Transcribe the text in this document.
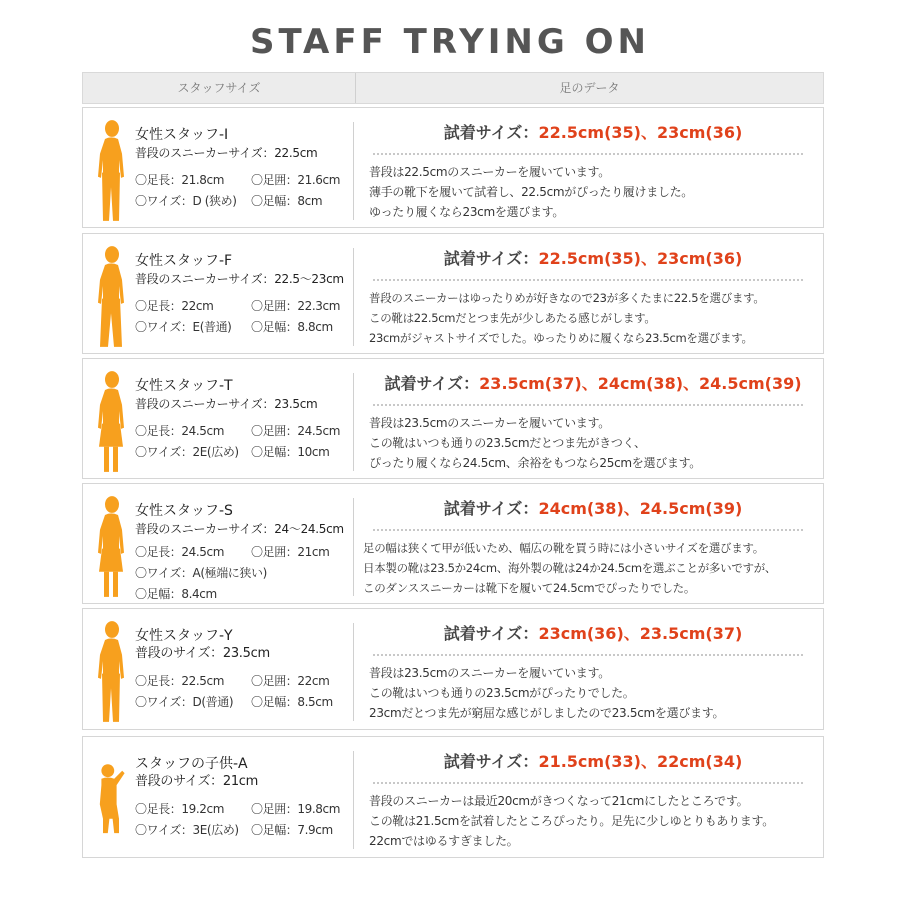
STAFF TRYING ON
スタッフサイズ	足のデータ
女性スタッフ-I
普段のスニーカーサイズ：22.5cm
〇足長：21.8cm 〇足囲：21.6cm
〇ワイズ：D (狭め) 〇足幅：8cm
試着サイズ：22.5cm(35)、23cm(36)
普段は22.5cmのスニーカーを履いています。
薄手の靴下を履いて試着し、22.5cmがぴったり履けました。
ゆったり履くなら23cmを選びます。
女性スタッフ-F
普段のスニーカーサイズ：22.5～23cm
〇足長：22cm	〇足囲：22.3cm
〇ワイズ：E(普通) 〇足幅：8.8cm
試着サイズ：22.5cm(35)、23cm(36)
普段のスニーカーはゆったりめが好きなので23が多くたまに22.5を選びます。
この靴は22.5cmだとつま先が少しあたる感じがします。
23cmがジャストサイズでした。ゆったりめに履くなら23.5cmを選びます。
女性スタッフ-T
普段のスニーカーサイズ：23.5cm
〇足長：24.5cm 〇足囲：24.5cm
〇ワイズ：2E(広め) 〇足幅：10cm
試着サイズ：23.5cm(37)、24cm(38)、24.5cm(39)
普段は23.5cmのスニーカーを履いています。
この靴はいつも通りの23.5cmだとつま先がきつく、
ぴったり履くなら24.5cm、余裕をもつなら25cmを選びます。
女性スタッフ-S
普段のスニーカーサイズ：24～24.5cm
〇足長：24.5cm 〇足囲：21cm
〇ワイズ：A(極端に狭い)
〇足幅：8.4cm
試着サイズ：24cm(38)、24.5cm(39)
足の幅は狭くて甲が低いため、幅広の靴を買う時には小さいサイズを選びます。
日本製の靴は23.5か24cm、海外製の靴は24か24.5cmを選ぶことが多いですが、
このダンススニーカーは靴下を履いて24.5cmでぴったりでした。
女性スタッフ-Y
普段のサイズ：23.5cm
〇足長：22.5cm 〇足囲：22cm
〇ワイズ：D(普通) 〇足幅：8.5cm
試着サイズ：23cm(36)、23.5cm(37)
普段は23.5cmのスニーカーを履いています。
この靴はいつも通りの23.5cmがぴったりでした。
23cmだとつま先が窮屈な感じがしましたので23.5cmを選びます。
スタッフの子供-A
普段のサイズ：21cm
〇足長：19.2cm 〇足囲：19.8cm
〇ワイズ：3E(広め) 〇足幅：7.9cm
試着サイズ：21.5cm(33)、22cm(34)
普段のスニーカーは最近20cmがきつくなって21cmにしたところです。
この靴は21.5cmを試着したところぴったり。足先に少しゆとりもあります。
22cmではゆるすぎました。
